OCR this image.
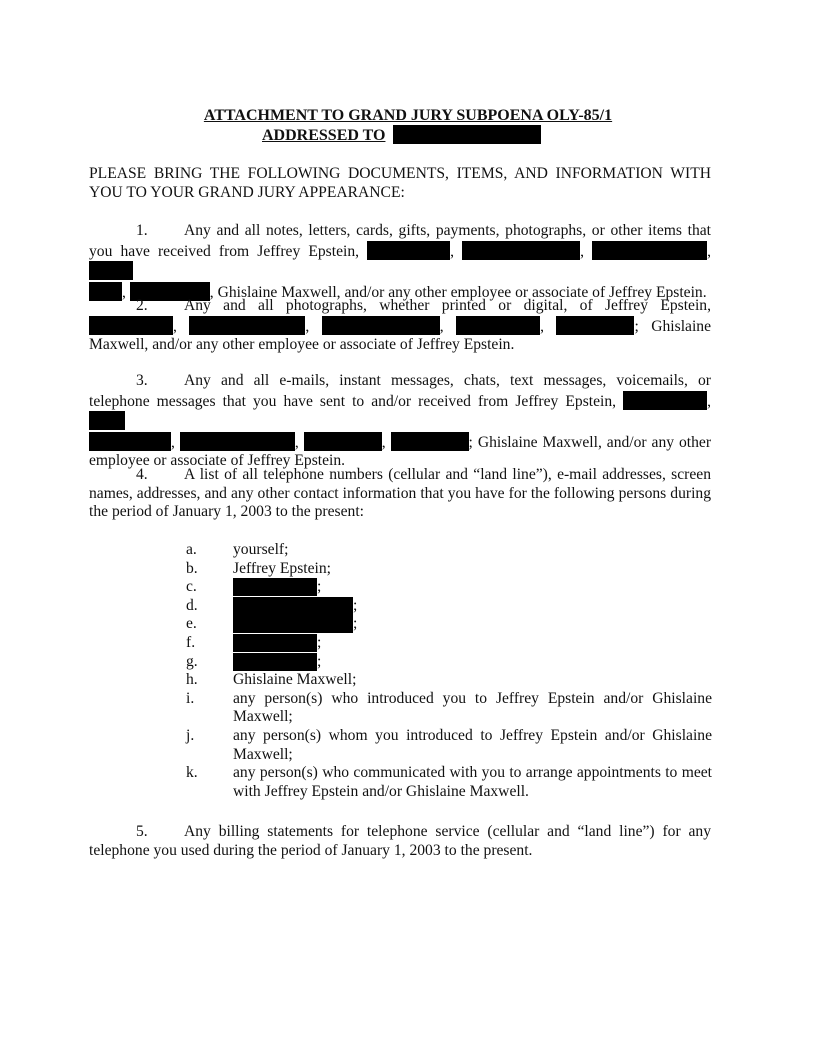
ATTACHMENT TO GRAND JURY SUBPOENA OLY-85/1
ADDRESSED TO
PLEASE BRING THE FOLLOWING DOCUMENTS, ITEMS, AND INFORMATION WITH YOU TO YOUR GRAND JURY APPEARANCE:
1. Any and all notes, letters, cards, gifts, payments, photographs, or other items that you have received from Jeffrey Epstein,	,	,	,
,	, Ghislaine Maxwell, and/or any other employee or associate of Jeffrey Epstein.
2. Any and all photographs, whether printed or digital, of Jeffrey Epstein, ,	,	,	,	; Ghislaine Maxwell, and/or any other employee or associate of Jeffrey Epstein.
3. Any and all e-mails, instant messages, chats, text messages, voicemails, or telephone messages that you have sent to and/or received from Jeffrey Epstein,	,
,	,	,	; Ghislaine Maxwell, and/or any other employee or associate of Jeffrey Epstein.
4. A list of all telephone numbers (cellular and “land line”), e-mail addresses, screen names, addresses, and any other contact information that you have for the following persons during the period of January 1, 2003 to the present:
a. yourself;
b. Jeffrey Epstein;
c.	;
d.	;
e.	;
f.	;
g.	;
h. Ghislaine Maxwell;
i. any person(s) who introduced you to Jeffrey Epstein and/or Ghislaine Maxwell;
j. any person(s) whom you introduced to Jeffrey Epstein and/or Ghislaine Maxwell;
k. any person(s) who communicated with you to arrange appointments to meet with Jeffrey Epstein and/or Ghislaine Maxwell.
5. Any billing statements for telephone service (cellular and “land line”) for any telephone you used during the period of January 1, 2003 to the present.
